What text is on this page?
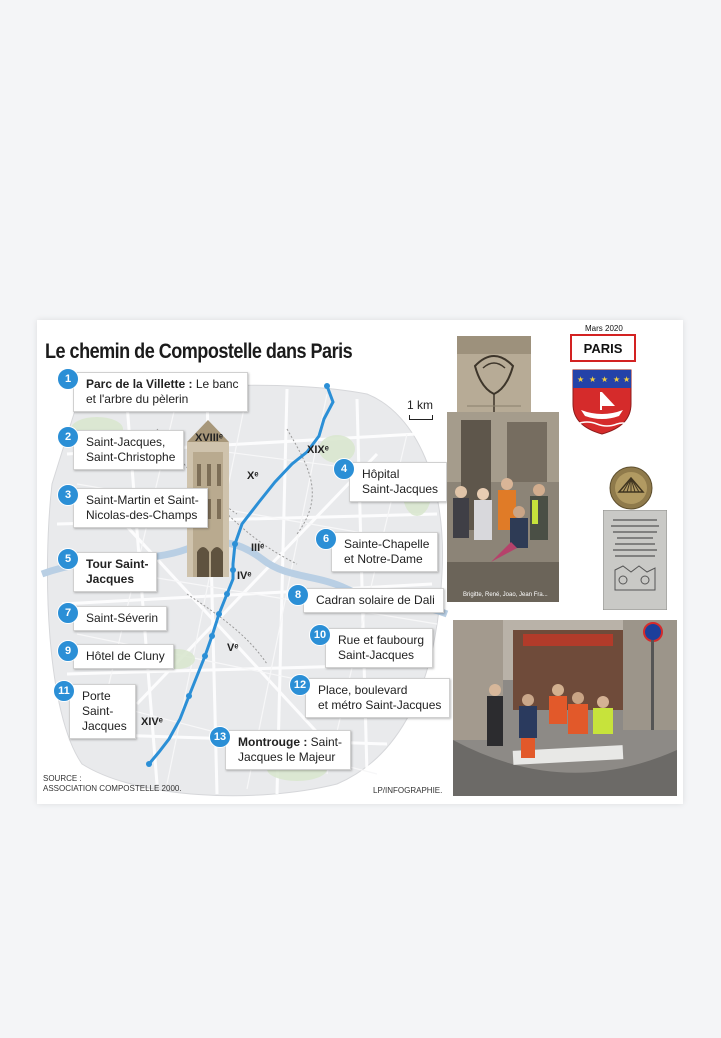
Le chemin de Compostelle dans Paris
XVIIIᵉ
Xᵉ
XIXᵉ
IIIᵉ
IVᵉ
Vᵉ
XIVᵉ
1 km
1	Parc de la Villette : Le banc
et l'arbre du pèlerin
2	Saint-Jacques,
Saint-Christophe
3	Saint-Martin et Saint-
Nicolas-des-Champs
4	Hôpital
Saint-Jacques
5	Tour Saint-
Jacques
6	Sainte-Chapelle
et Notre-Dame
7	Saint-Séverin
8	Cadran solaire de Dali
9	Hôtel de Cluny
10 Rue et faubourg
Saint-Jacques
11	Porte
Saint-
Jacques
12 Place, boulevard
et métro Saint-Jacques
13 Montrouge : Saint-
Jacques le Majeur
SOURCE :
ASSOCIATION COMPOSTELLE 2000.	LP/INFOGRAPHIE.
Brigitte, René, Joao, Jean Fra...
Mars 2020
PARIS
★ ★ ★ ★ ★
